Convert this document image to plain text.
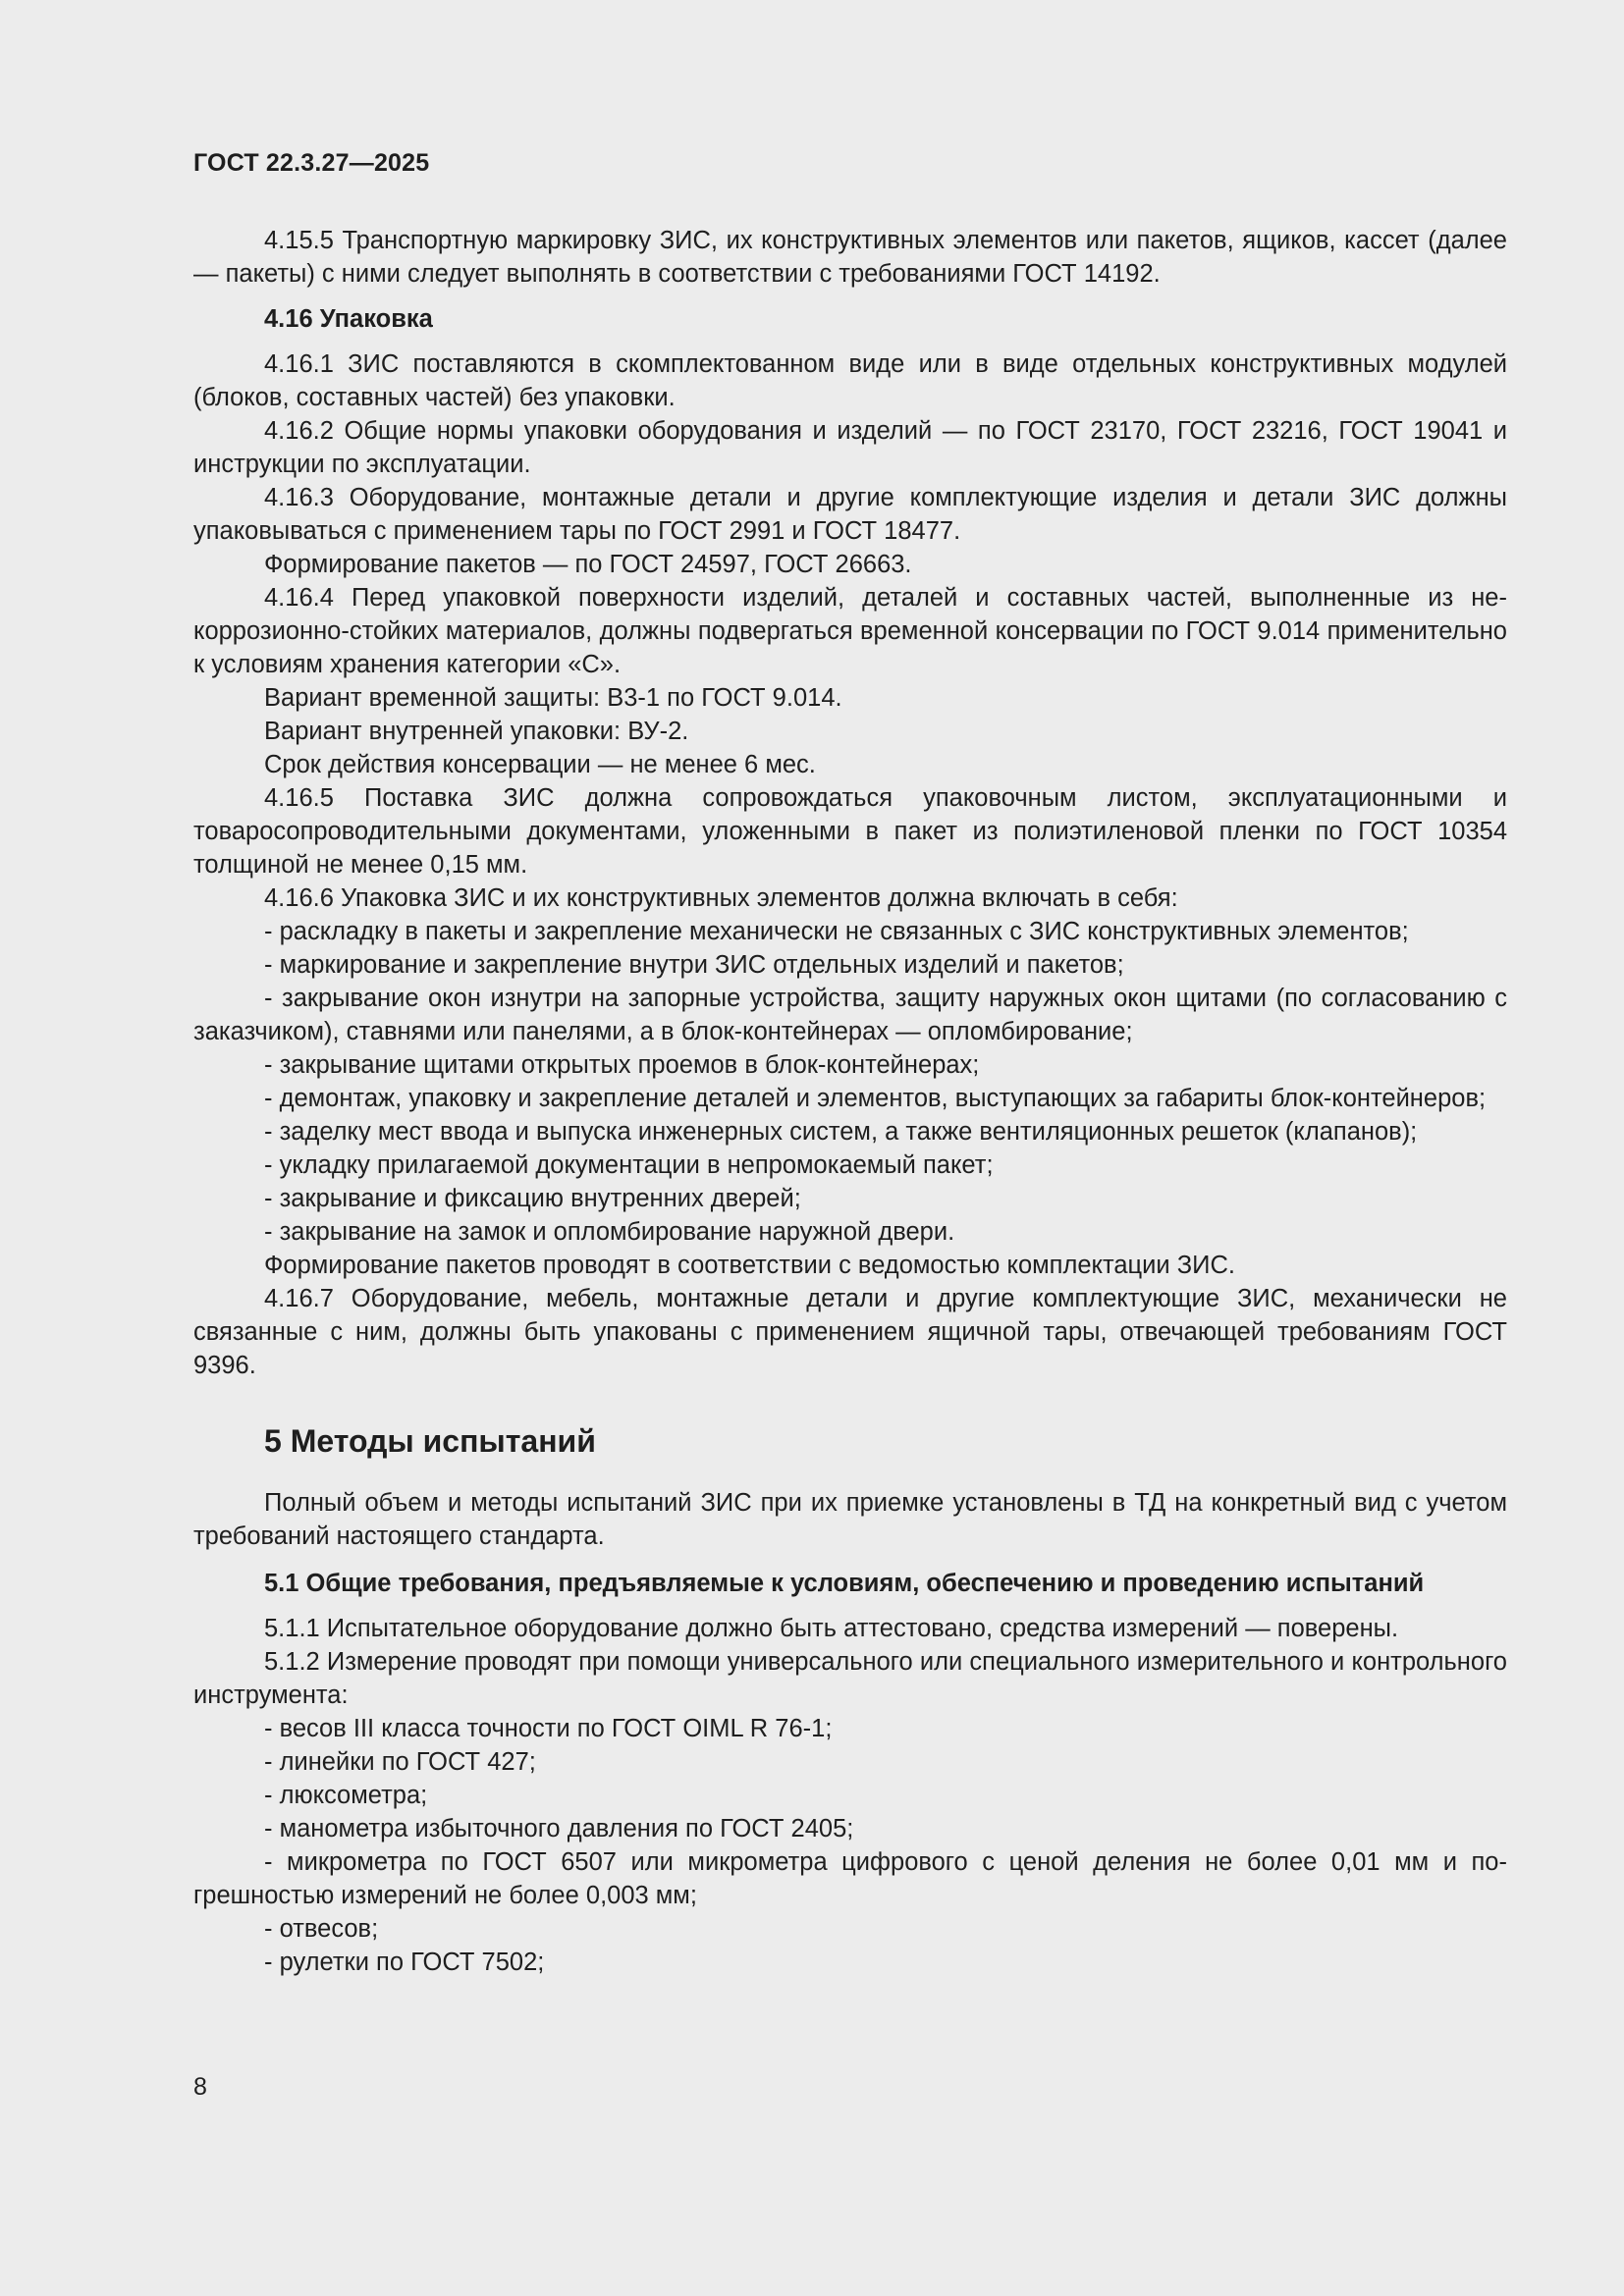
ГОСТ 22.3.27—2025

4.15.5 Транспортную маркировку ЗИС, их конструктивных элементов или пакетов, ящиков, кассет (далее — пакеты) с ними следует выполнять в соответствии с требованиями ГОСТ 14192.

4.16 Упаковка

4.16.1 ЗИС поставляются в скомплектованном виде или в виде отдельных конструктивных модулей (блоков, составных частей) без упаковки.

4.16.2 Общие нормы упаковки оборудования и изделий — по ГОСТ 23170, ГОСТ 23216, ГОСТ 19041 и инструкции по эксплуатации.

4.16.3 Оборудование, монтажные детали и другие комплектующие изделия и детали ЗИС должны упаковываться с применением тары по ГОСТ 2991 и ГОСТ 18477.

Формирование пакетов — по ГОСТ 24597, ГОСТ 26663.

4.16.4 Перед упаковкой поверхности изделий, деталей и составных частей, выполненные из некоррозионно-стойких материалов, должны подвергаться временной консервации по ГОСТ 9.014 применительно к условиям хранения категории «С».

Вариант временной защиты: В3-1 по ГОСТ 9.014.

Вариант внутренней упаковки: ВУ-2.

Срок действия консервации — не менее 6 мес.

4.16.5 Поставка ЗИС должна сопровождаться упаковочным листом, эксплуатационными и товаросопроводительными документами, уложенными в пакет из полиэтиленовой пленки по ГОСТ 10354 толщиной не менее 0,15 мм.

4.16.6 Упаковка ЗИС и их конструктивных элементов должна включать в себя:

- раскладку в пакеты и закрепление механически не связанных с ЗИС конструктивных элементов;

- маркирование и закрепление внутри ЗИС отдельных изделий и пакетов;

- закрывание окон изнутри на запорные устройства, защиту наружных окон щитами (по согласованию с заказчиком), ставнями или панелями, а в блок-контейнерах — опломбирование;

- закрывание щитами открытых проемов в блок-контейнерах;

- демонтаж, упаковку и закрепление деталей и элементов, выступающих за габариты блок-контейнеров;

- заделку мест ввода и выпуска инженерных систем, а также вентиляционных решеток (клапанов);

- укладку прилагаемой документации в непромокаемый пакет;

- закрывание и фиксацию внутренних дверей;

- закрывание на замок и опломбирование наружной двери.

Формирование пакетов проводят в соответствии с ведомостью комплектации ЗИС.

4.16.7 Оборудование, мебель, монтажные детали и другие комплектующие ЗИС, механически не связанные с ним, должны быть упакованы с применением ящичной тары, отвечающей требованиям ГОСТ 9396.

5 Методы испытаний

Полный объем и методы испытаний ЗИС при их приемке установлены в ТД на конкретный вид с учетом требований настоящего стандарта.

5.1 Общие требования, предъявляемые к условиям, обеспечению и проведению испытаний

5.1.1 Испытательное оборудование должно быть аттестовано, средства измерений — поверены.

5.1.2 Измерение проводят при помощи универсального или специального измерительного и контрольного инструмента:

- весов III класса точности по ГОСТ OIML R 76-1;

- линейки по ГОСТ 427;

- люксометра;

- манометра избыточного давления по ГОСТ 2405;

- микрометра по ГОСТ 6507 или микрометра цифрового с ценой деления не более 0,01 мм и погрешностью измерений не более 0,003 мм;

- отвесов;

- рулетки по ГОСТ 7502;

8
